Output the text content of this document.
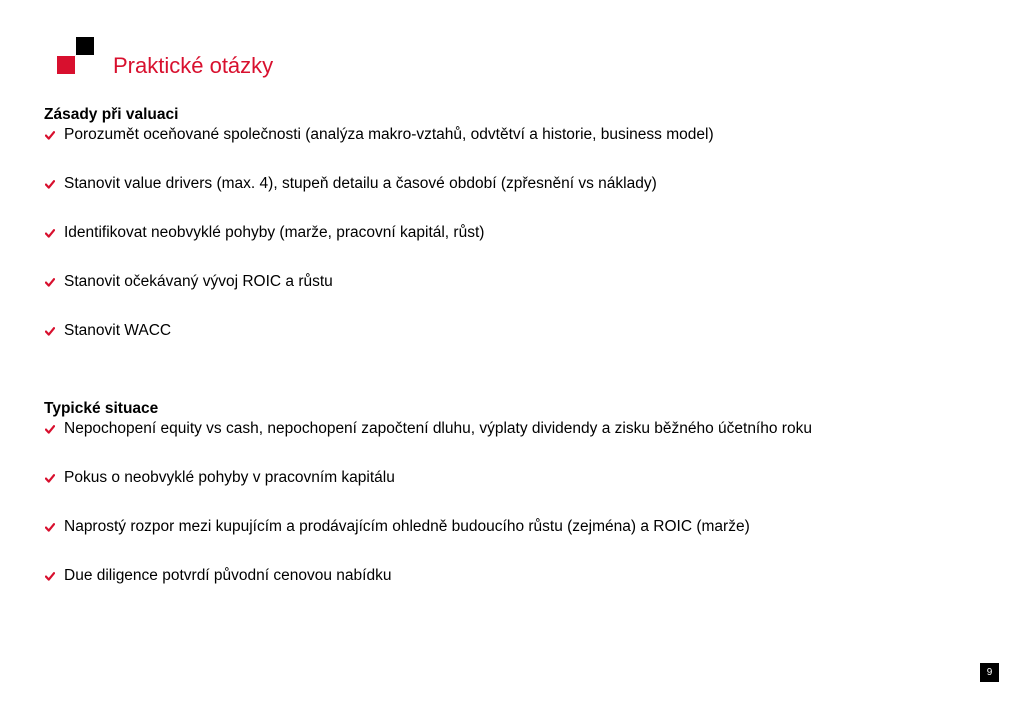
Praktické otázky
Zásady při valuaci
Porozumět oceňované společnosti (analýza makro-vztahů, odvtětví a historie, business model)
Stanovit value drivers (max. 4), stupeň detailu a časové období (zpřesnění vs náklady)
Identifikovat neobvyklé pohyby (marže, pracovní kapitál, růst)
Stanovit očekávaný vývoj ROIC a růstu
Stanovit WACC
Typické situace
Nepochopení equity vs cash, nepochopení započtení dluhu, výplaty dividendy a zisku běžného účetního roku
Pokus o neobvyklé pohyby v pracovním kapitálu
Naprostý rozpor mezi kupujícím a prodávajícím ohledně budoucího růstu (zejména) a ROIC (marže)
Due diligence potvrdí původní cenovou nabídku
9
